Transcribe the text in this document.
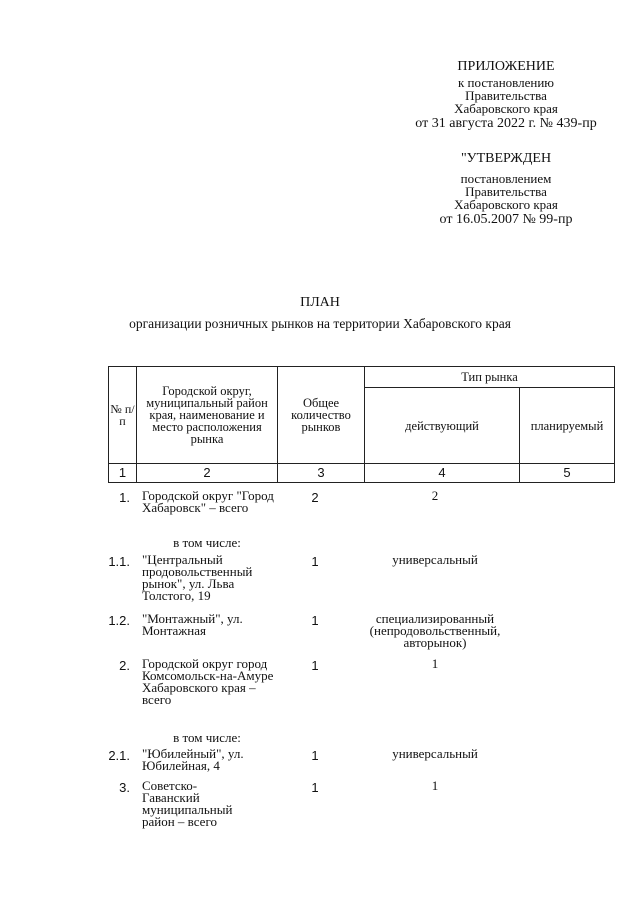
ПРИЛОЖЕНИЕ
к постановлению
Правительства
Хабаровского края
от 31 августа 2022 г. № 439-пр
"УТВЕРЖДЕН
постановлением
Правительства
Хабаровского края
от 16.05.2007 № 99-пр
ПЛАН
организации розничных рынков на территории Хабаровского края
№ п/п	Городской округ, муниципальный район края, наименование и место расположения рынка	Общее количество рынков	Тип рынка	
			действующий	планируемый
1	2	3	4	5
1. Городской округ "Город Хабаровск" – всего
2	2
в том числе:
1.1. "Центральный продовольственный рынок", ул. Льва Толстого, 19
1	универсальный
1.2. "Монтажный", ул. Монтажная
1	специализированный (непродовольственный, авторынок)
2. Городской округ город Комсомольск-на-Амуре Хабаровского края – всего
1	1
в том числе:
2.1. "Юбилейный", ул. Юбилейная, 4
1	универсальный
3. Советско-Гаванский муниципальный район – всего
1	1
